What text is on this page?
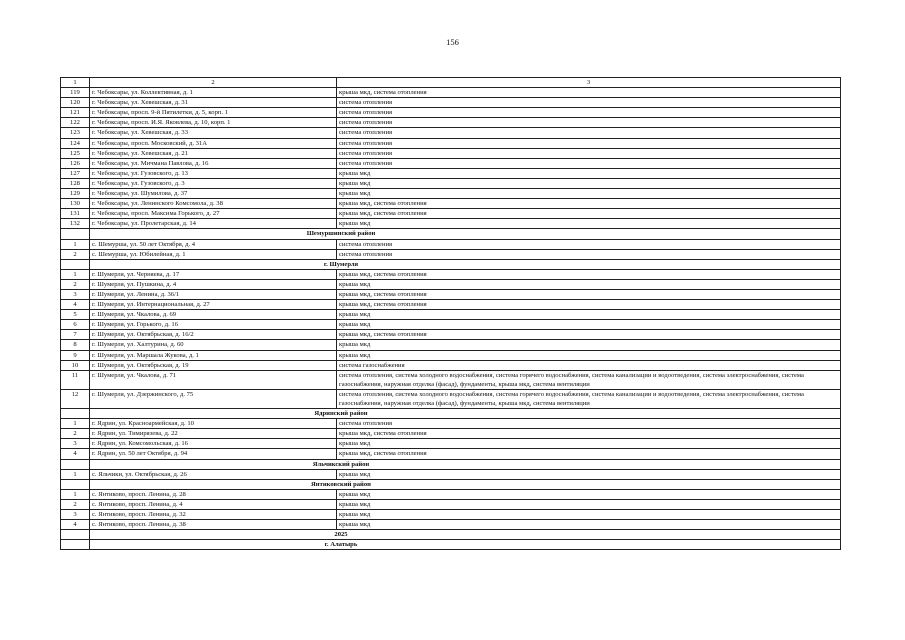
156
1	2	3
119	г. Чебоксары, ул. Коллективная, д. 1	крыша мкд, система отопления
120	г. Чебоксары, ул. Хевешская, д. 31	система отопления
121	г. Чебоксары, просп. 9-й Пятилетки, д. 5, корп. 1	система отопления
122	г. Чебоксары, просп. И.Я. Яковлева, д. 10, корп. 1	система отопления
123	г. Чебоксары, ул. Хевешская, д. 33	система отопления
124	г. Чебоксары, просп. Московский, д. 31А	система отопления
125	г. Чебоксары, ул. Хевешская, д. 21	система отопления
126	г. Чебоксары, ул. Мичмана Павлова, д. 16	система отопления
127	г. Чебоксары, ул. Гузовского, д. 13	крыша мкд
128	г. Чебоксары, ул. Гузовского, д. 3	крыша мкд
129	г. Чебоксары, ул. Шумилова, д. 37	крыша мкд
130	г. Чебоксары, ул. Ленинского Комсомола, д. 38	крыша мкд, система отопления
131	г. Чебоксары, просп. Максима Горького, д. 27	крыша мкд, система отопления
132	г. Чебоксары, ул. Пролетарская, д. 14	крыша мкд
	Шемуршинский район	
1	с. Шемурша, ул. 50 лет Октября, д. 4	система отопления
2	с. Шемурша, ул. Юбилейная, д. 1	система отопления
	г. Шумерля	
1	г. Шумерля, ул. Черняева, д. 17	крыша мкд, система отопления
2	г. Шумерля, ул. Пушкина, д. 4	крыша мкд
3	г. Шумерля, ул. Ленина, д. 36/1	крыша мкд, система отопления
4	г. Шумерля, ул. Интернациональная, д. 27	крыша мкд, система отопления
5	г. Шумерля, ул. Чкалова, д. 69	крыша мкд
6	г. Шумерля, ул. Горького, д. 16	крыша мкд
7	г. Шумерля, ул. Октябрьская, д. 16/2	крыша мкд, система отопления
8	г. Шумерля, ул. Халтурина, д. 60	крыша мкд
9	г. Шумерля, ул. Маршала Жукова, д. 1	крыша мкд
10	г. Шумерля, ул. Октябрьская, д. 19	система газоснабжения
11	г. Шумерля, ул. Чкалова, д. 71	система отопления, система холодного водоснабжения, система горячего водоснабжения, система канализации и водоотведения, система электроснабжения, система газоснабжения, наружная отделка (фасад), фундаменты, крыша мкд, система вентиляции
12	г. Шумерля, ул. Дзержинского, д. 75	система отопления, система холодного водоснабжения, система горячего водоснабжения, система канализации и водоотведения, система электроснабжения, система газоснабжения, наружная отделка (фасад), фундаменты, крыша мкд, система вентиляции
	Ядринский район	
1	г. Ядрин, ул. Красноармейская, д. 10	система отопления
2	г. Ядрин, ул. Тимирязева, д. 22	крыша мкд, система отопления
3	г. Ядрин, ул. Комсомольская, д. 16	крыша мкд
4	г. Ядрин, ул. 50 лет Октября, д. 94	крыша мкд, система отопления
	Яльчикский район	
1	с. Яльчики, ул. Октябрьская, д. 26	крыша мкд
	Янтиковский район	
1	с. Янтиково, просп. Ленина, д. 28	крыша мкд
2	с. Янтиково, просп. Ленина, д. 4	крыша мкд
3	с. Янтиково, просп. Ленина, д. 32	крыша мкд
4	с. Янтиково, просп. Ленина, д. 38	крыша мкд
	2025	
	г. Алатырь	
